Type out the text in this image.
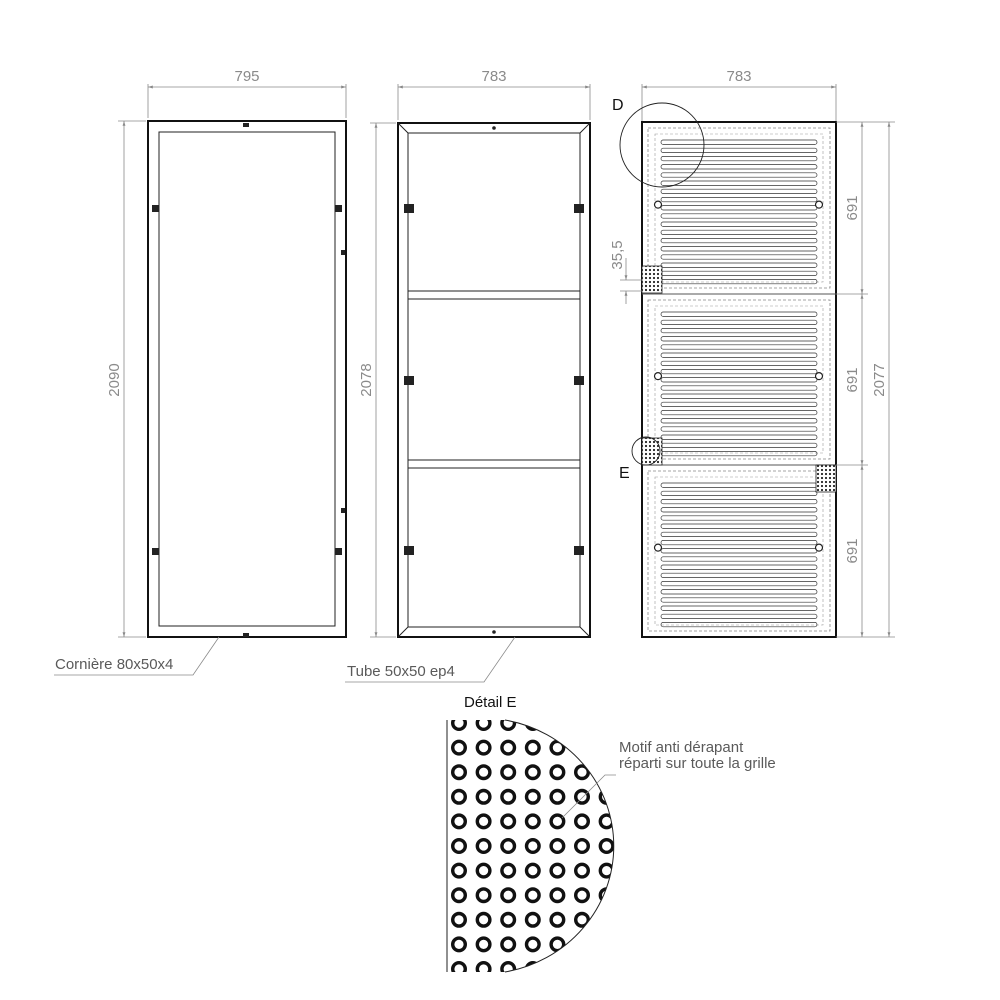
795
2090
Cornière 80x50x4
783
2078
Tube 50x50 ep4
783
691
691
691
2077
35,5
D
E
Détail E
Motif anti dérapant
réparti sur toute la grille
